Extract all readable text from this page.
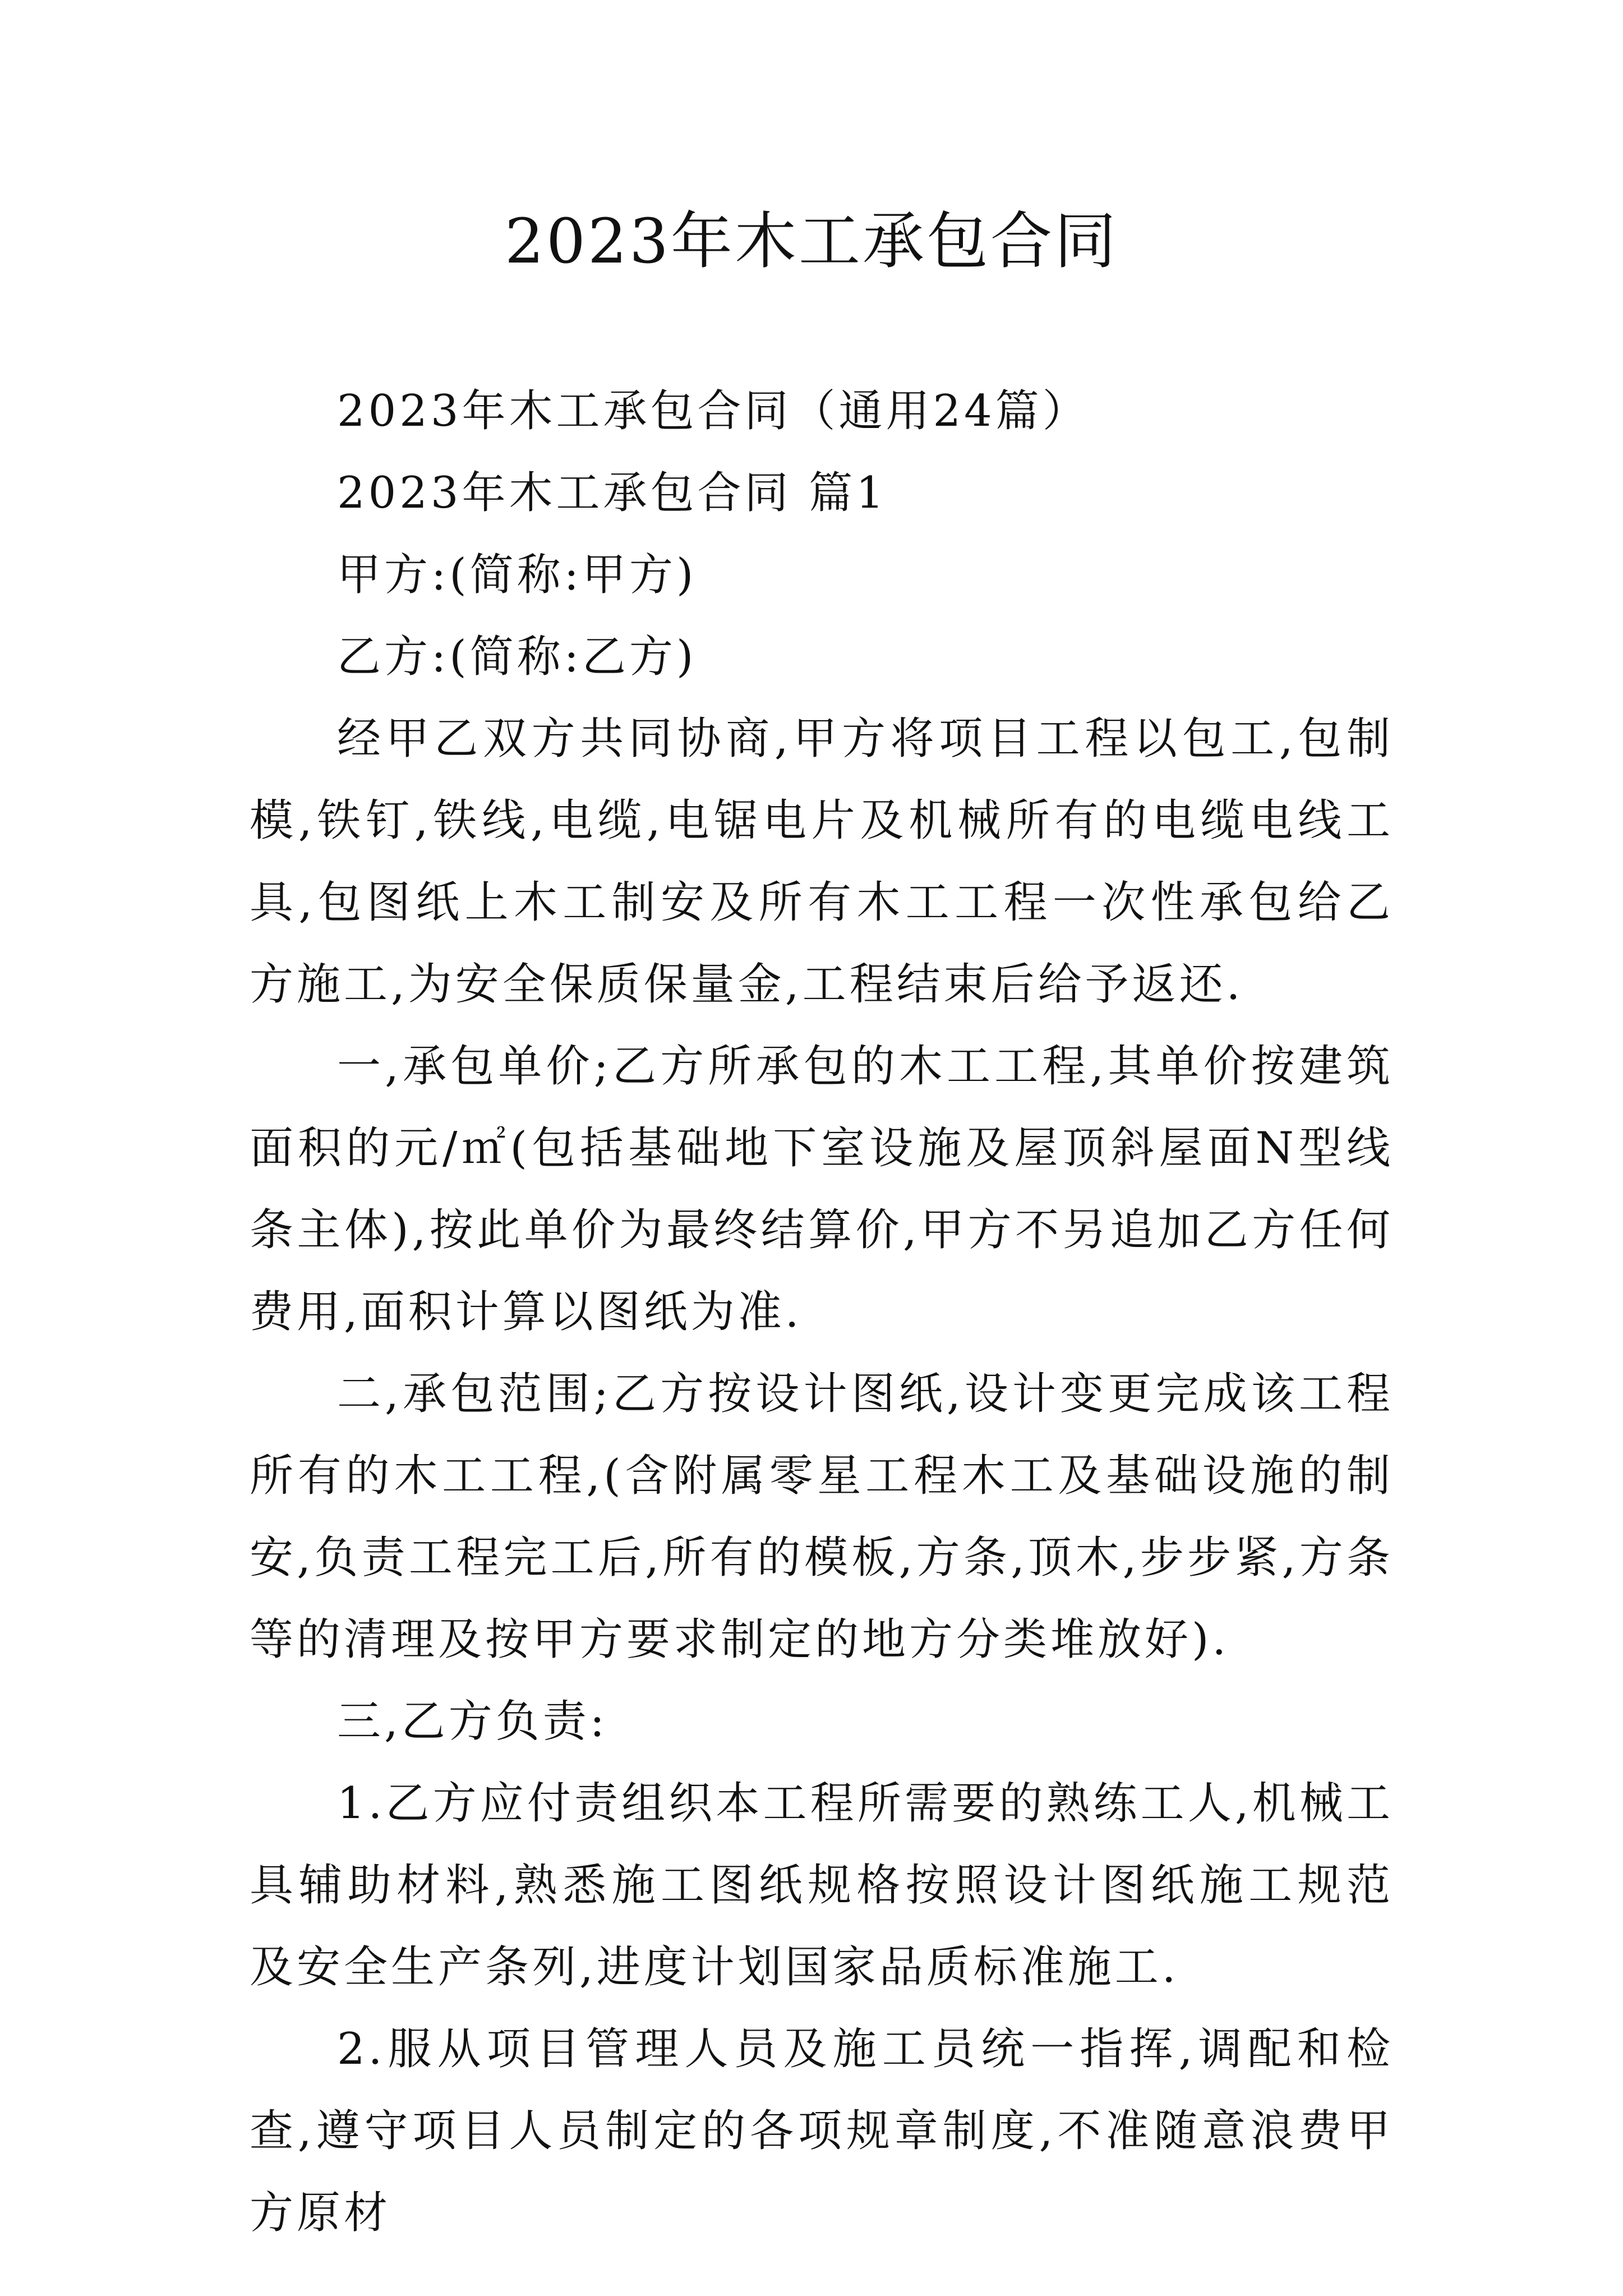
2023年木工承包合同

2023年木工承包合同（通用24篇）

2023年木工承包合同 篇1

甲方:(简称:甲方)

乙方:(简称:乙方)

经甲乙双方共同协商,甲方将项目工程以包工,包制模,铁钉,铁线,电缆,电锯电片及机械所有的电缆电线工具,包图纸上木工制安及所有木工工程一次性承包给乙方施工,为安全保质保量金,工程结束后给予返还.

一,承包单价;乙方所承包的木工工程,其单价按建筑面积的元/㎡(包括基础地下室设施及屋顶斜屋面N型线条主体),按此单价为最终结算价,甲方不另追加乙方任何费用,面积计算以图纸为准.

二,承包范围;乙方按设计图纸,设计变更完成该工程所有的木工工程,(含附属零星工程木工及基础设施的制安,负责工程完工后,所有的模板,方条,顶木,步步紧,方条等的清理及按甲方要求制定的地方分类堆放好).

三,乙方负责:

1.乙方应付责组织本工程所需要的熟练工人,机械工具辅助材料,熟悉施工图纸规格按照设计图纸施工规范及安全生产条列,进度计划国家品质标准施工.

2.服从项目管理人员及施工员统一指挥,调配和检查,遵守项目人员制定的各项规章制度,不准随意浪费甲方原材
